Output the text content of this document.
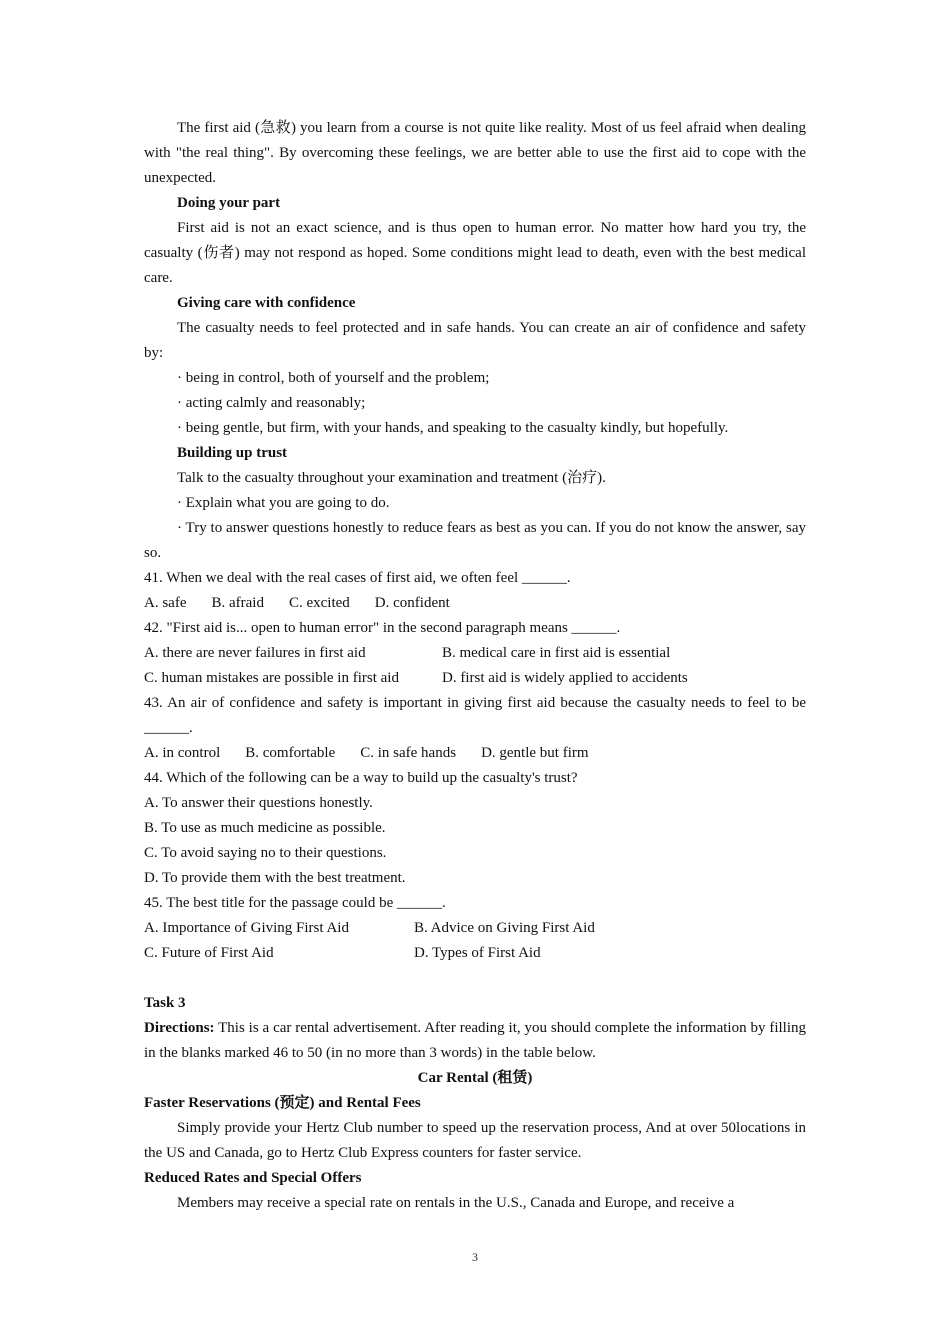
The first aid (急救) you learn from a course is not quite like reality. Most of us feel afraid when dealing with "the real thing". By overcoming these feelings, we are better able to use the first aid to cope with the unexpected.

Doing your part

First aid is not an exact science, and is thus open to human error. No matter how hard you try, the casualty (伤者) may not respond as hoped. Some conditions might lead to death, even with the best medical care.

Giving care with confidence

The casualty needs to feel protected and in safe hands. You can create an air of confidence and safety by:

· being in control, both of yourself and the problem;

· acting calmly and reasonably;

· being gentle, but firm, with your hands, and speaking to the casualty kindly, but hopefully.

Building up trust

Talk to the casualty throughout your examination and treatment (治疗).

· Explain what you are going to do.

· Try to answer questions honestly to reduce fears as best as you can. If you do not know the answer, say so.

41. When we deal with the real cases of first aid, we often feel ______.

A. safe B. afraid C. excited D. confident

42. "First aid is... open to human error" in the second paragraph means ______.

A. there are never failures in first aid	B. medical care in first aid is essential
C. human mistakes are possible in first aid	D. first aid is widely applied to accidents

43. An air of confidence and safety is important in giving first aid because the casualty needs to feel to be ______.

A. in control B. comfortable C. in safe hands D. gentle but firm

44. Which of the following can be a way to build up the casualty's trust?

A. To answer their questions honestly.

B. To use as much medicine as possible.

C. To avoid saying no to their questions.

D. To provide them with the best treatment.

45. The best title for the passage could be ______.

A. Importance of Giving First Aid	B. Advice on Giving First Aid
C. Future of First Aid	D. Types of First Aid

Task 3

Directions: This is a car rental advertisement. After reading it, you should complete the information by filling in the blanks marked 46 to 50 (in no more than 3 words) in the table below.

Car Rental (租赁)

Faster Reservations (预定) and Rental Fees

Simply provide your Hertz Club number to speed up the reservation process, And at over 50locations in the US and Canada, go to Hertz Club Express counters for faster service.

Reduced Rates and Special Offers

Members may receive a special rate on rentals in the U.S., Canada and Europe, and receive a

3
